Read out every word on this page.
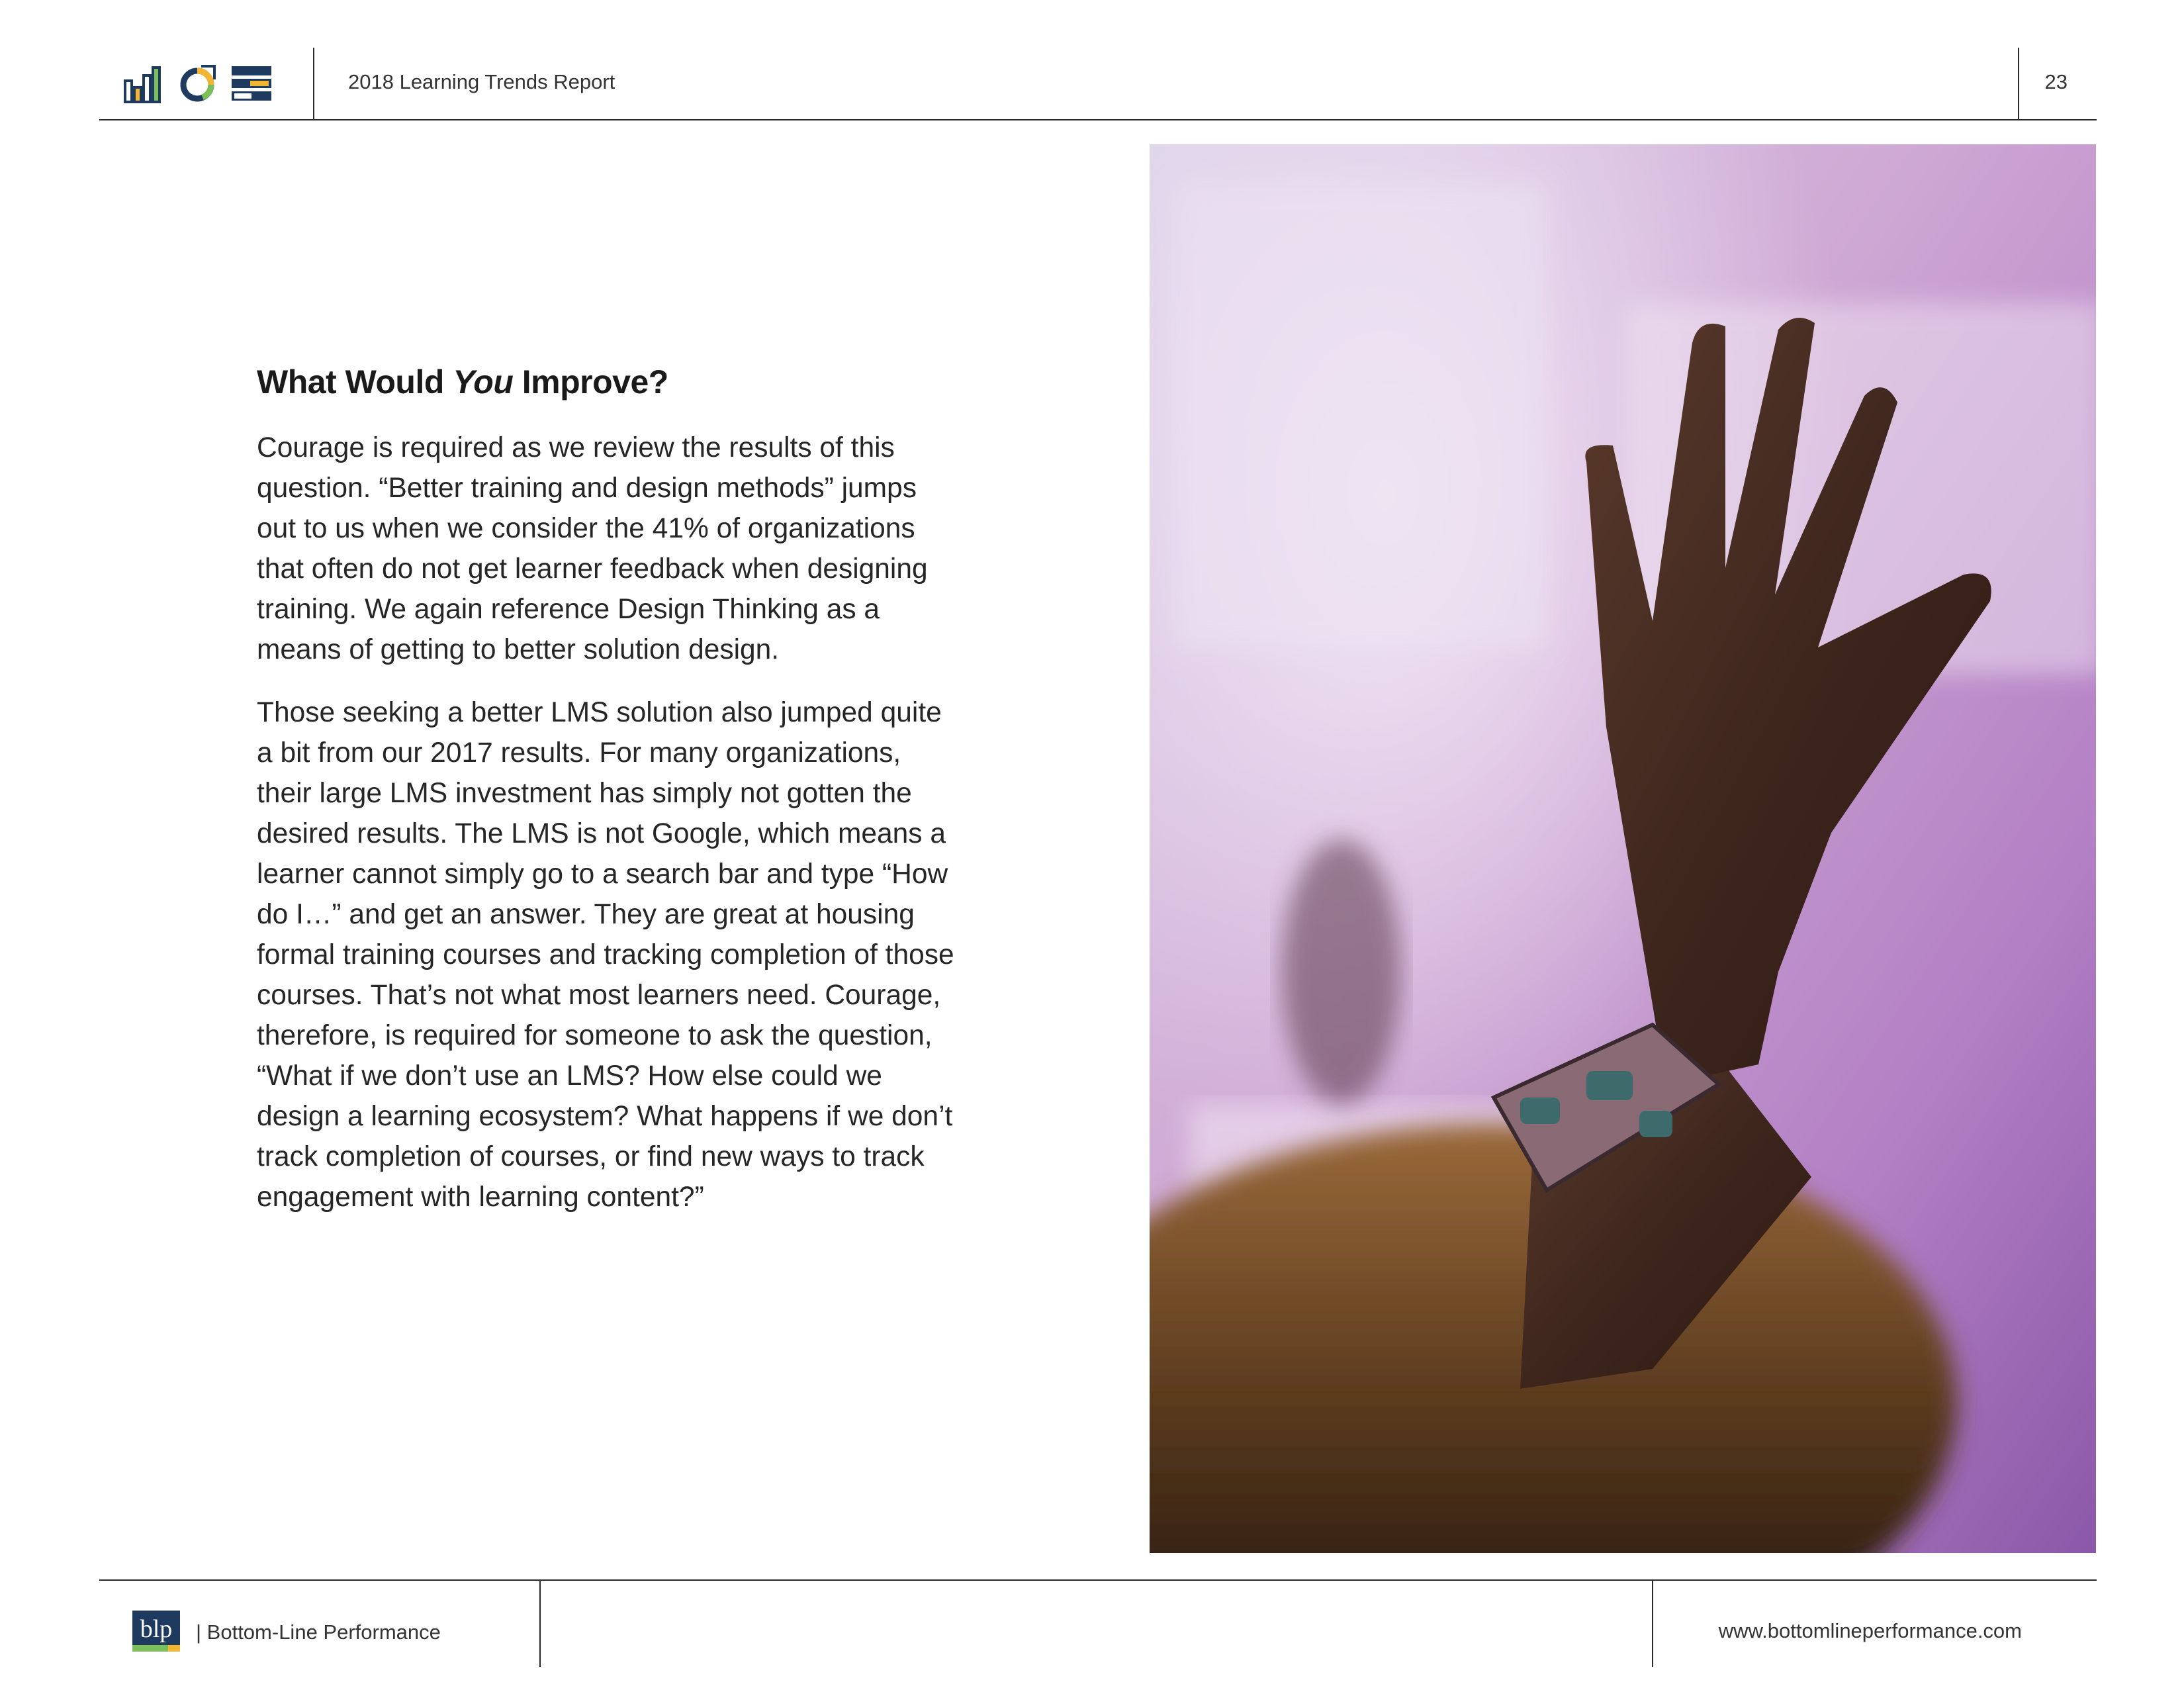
2018 Learning Trends Report	23
What Would You Improve?

Courage is required as we review the results of this question. “Better training and design methods” jumps out to us when we consider the 41% of organizations that often do not get learner feedback when designing training. We again reference Design Thinking as a means of getting to better solution design.

Those seeking a better LMS solution also jumped quite a bit from our 2017 results. For many organizations, their large LMS investment has simply not gotten the desired results. The LMS is not Google, which means a learner cannot simply go to a search bar and type “How do I…” and get an answer. They are great at housing formal training courses and tracking completion of those courses. That’s not what most learners need. Courage, therefore, is required for someone to ask the question, “What if we don’t use an LMS? How else could we design a learning ecosystem? What happens if we don’t track completion of courses, or find new ways to track engagement with learning content?”

blp | Bottom-Line Performance	www.bottomlineperformance.com
